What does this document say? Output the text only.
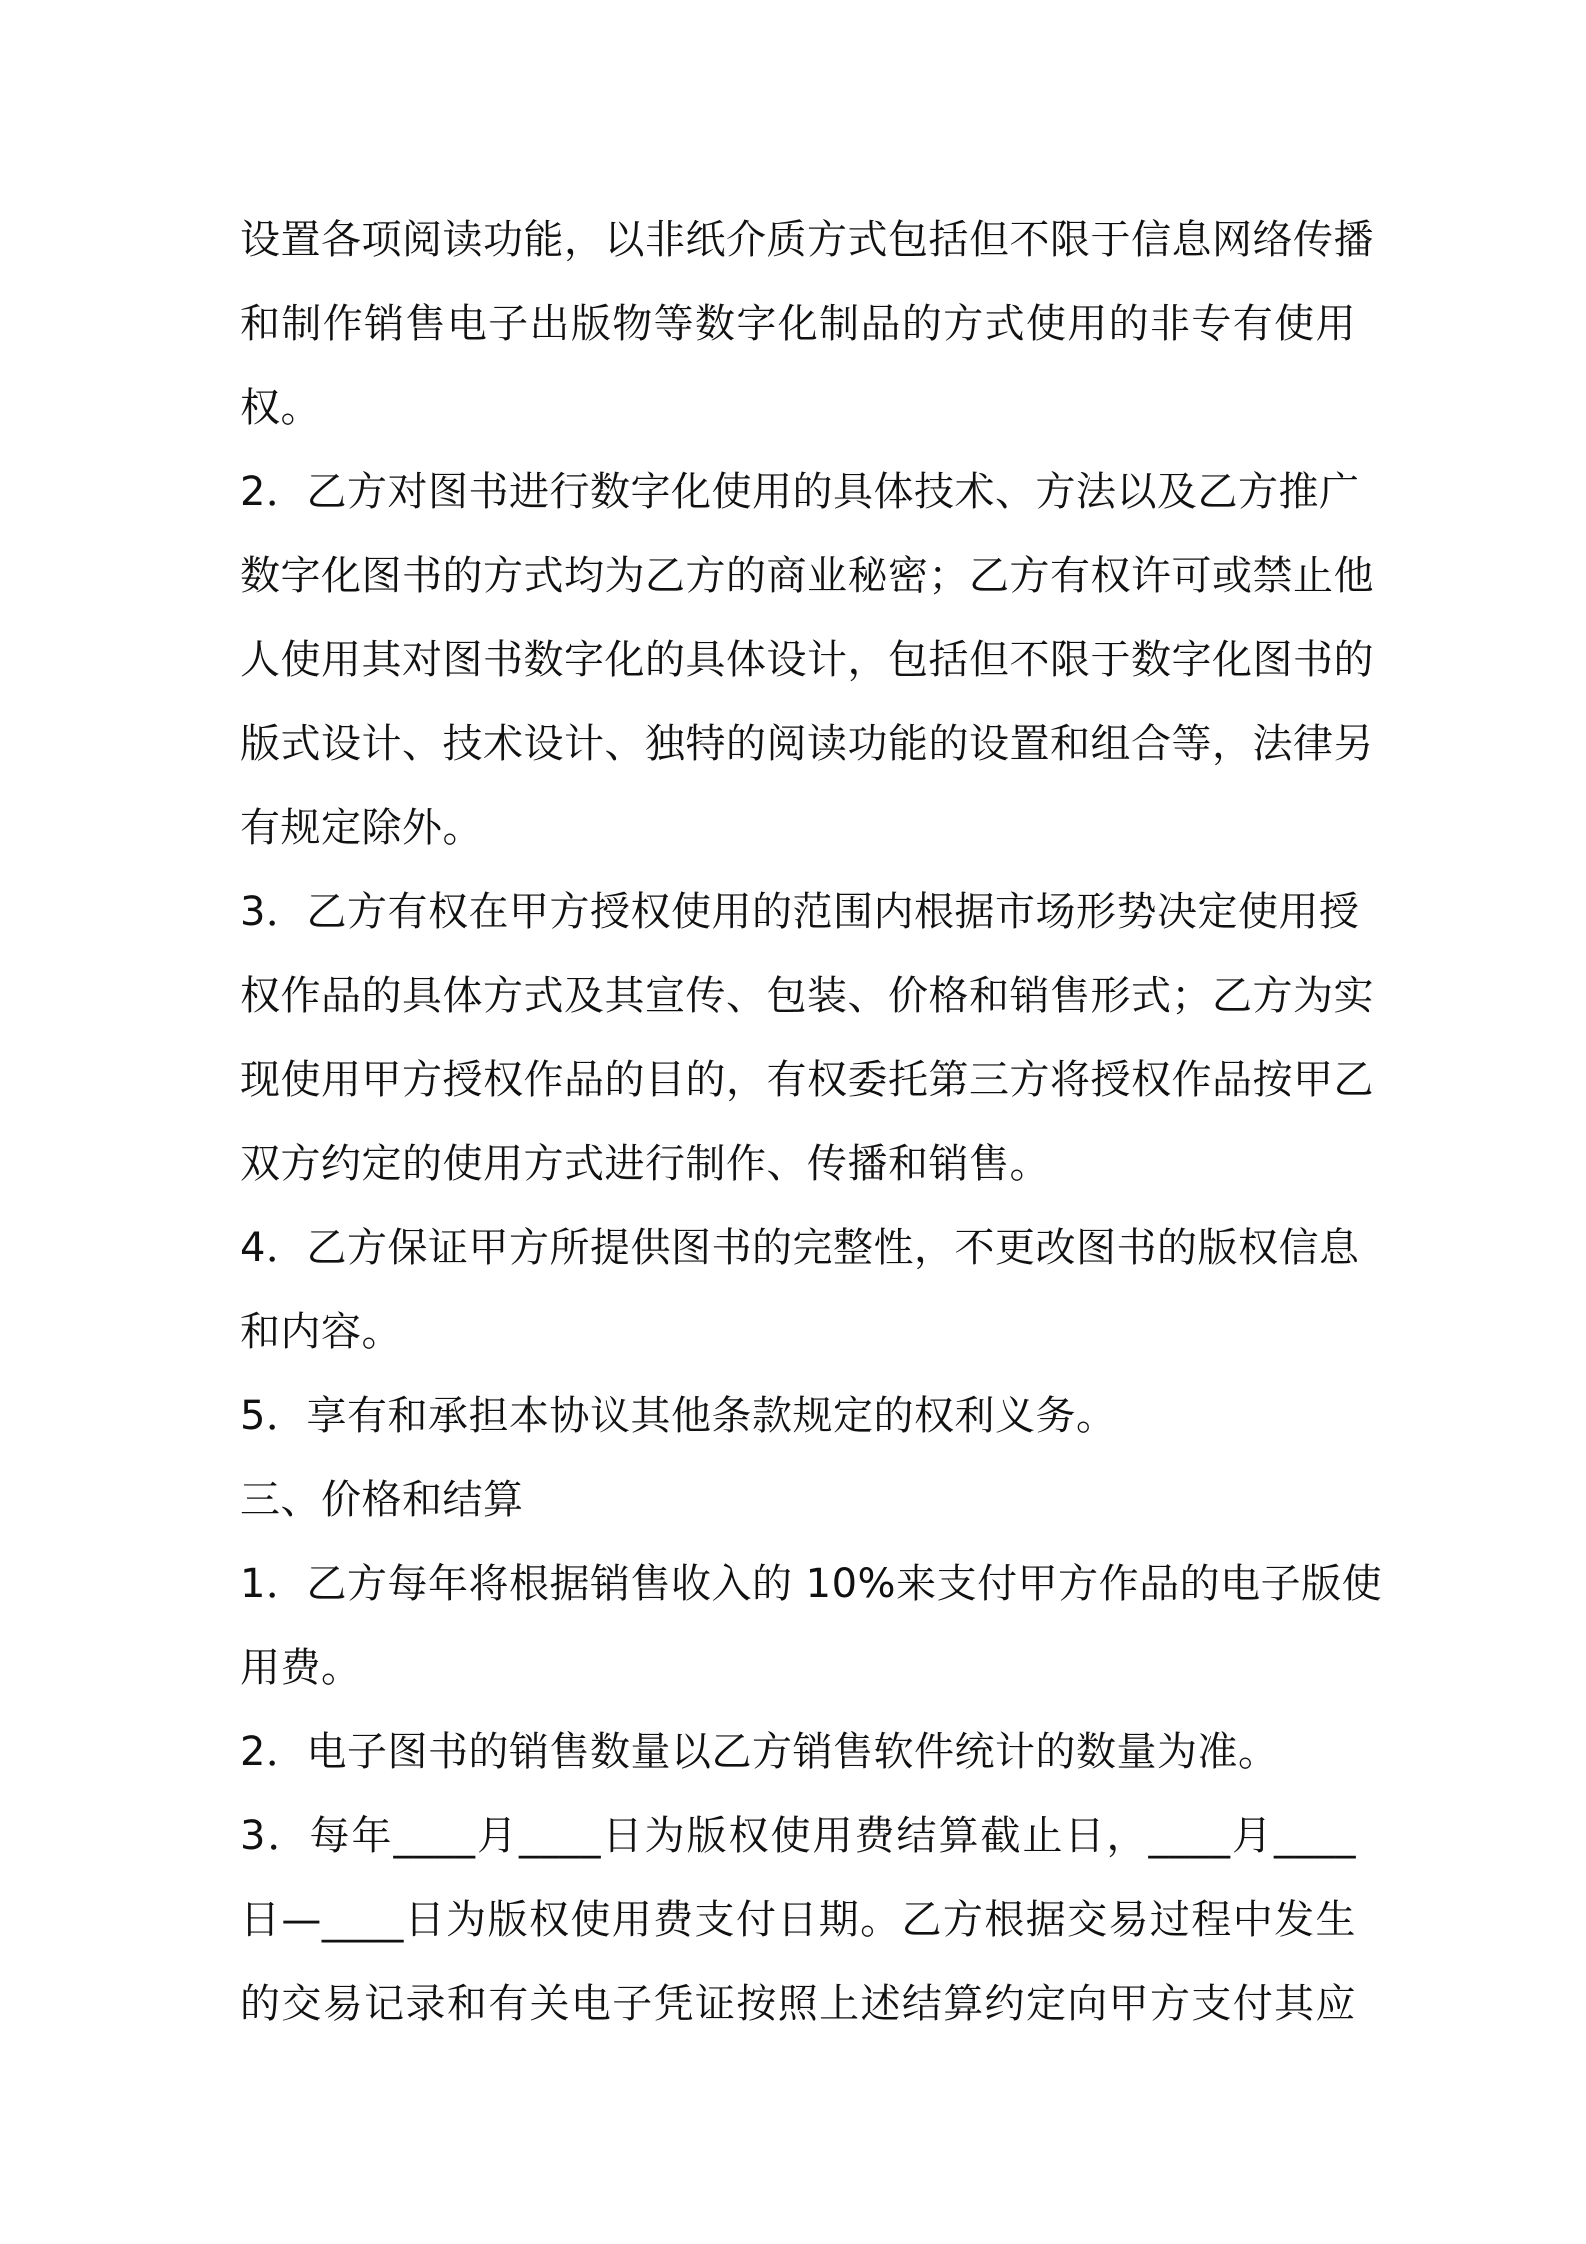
设置各项阅读功能，以非纸介质方式包括但不限于信息网络传播
和制作销售电子出版物等数字化制品的方式使用的非专有使用
权。
2．乙方对图书进行数字化使用的具体技术、方法以及乙方推广
数字化图书的方式均为乙方的商业秘密；乙方有权许可或禁止他
人使用其对图书数字化的具体设计，包括但不限于数字化图书的
版式设计、技术设计、独特的阅读功能的设置和组合等，法律另
有规定除外。
3．乙方有权在甲方授权使用的范围内根据市场形势决定使用授
权作品的具体方式及其宣传、包装、价格和销售形式；乙方为实
现使用甲方授权作品的目的，有权委托第三方将授权作品按甲乙
双方约定的使用方式进行制作、传播和销售。
4．乙方保证甲方所提供图书的完整性，不更改图书的版权信息
和内容。
5．享有和承担本协议其他条款规定的权利义务。
三、价格和结算
1．乙方每年将根据销售收入的 10%来支付甲方作品的电子版使
用费。
2．电子图书的销售数量以乙方销售软件统计的数量为准。
3．每年____月____日为版权使用费结算截止日，____月____
日—____日为版权使用费支付日期。乙方根据交易过程中发生
的交易记录和有关电子凭证按照上述结算约定向甲方支付其应
